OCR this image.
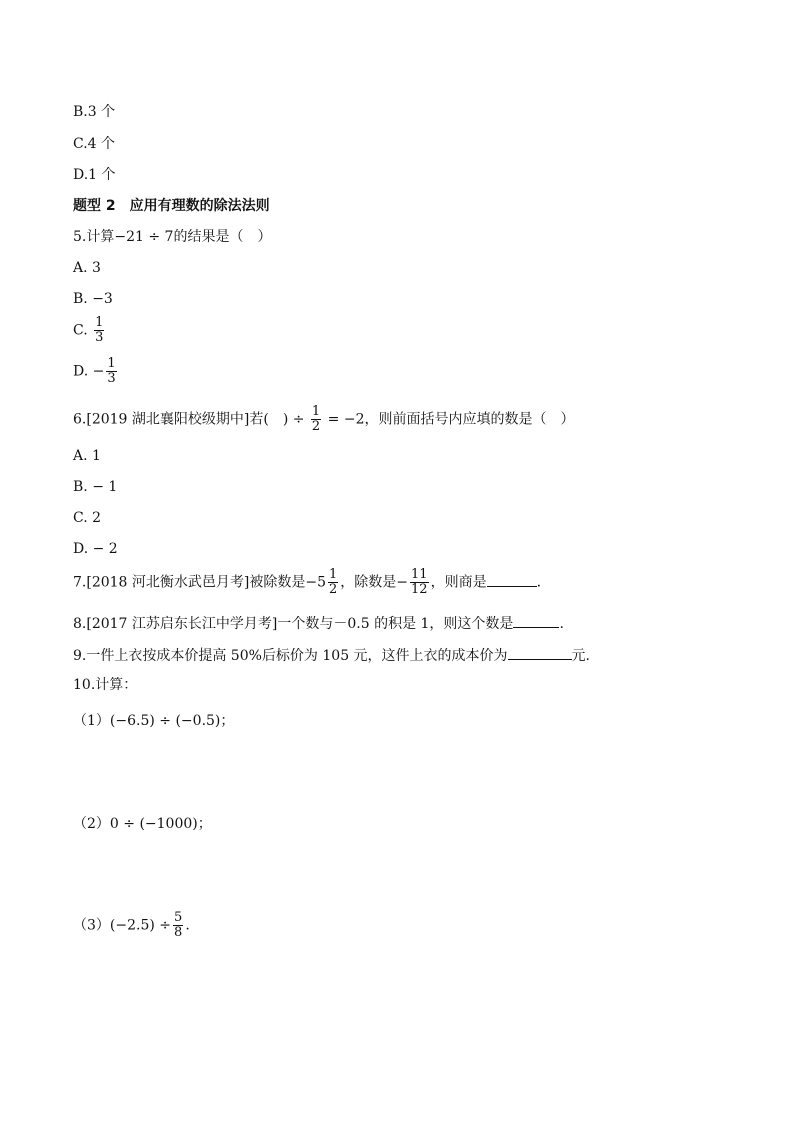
B.3 个
C.4 个
D.1 个
题型 2　应用有理数的除法法则
5.计算−21 ÷ 7的结果是（　）
A. 3
B. −3
C. $\frac{1}{3}$
D. − $\frac{1}{3}$
6.[2019 湖北襄阳校级期中]若(　) ÷ $\frac{1}{2} = -2$，则前面括号内应填的数是（　）
A. 1
B. − 1
C. 2
D. − 2
7.[2018 河北衡水武邑月考]被除数是$-5 \frac{1}{2}$ ，除数是− $\frac{11}{12}$ ，则商是	.
8.[2017 江苏启东长江中学月考]一个数与－0.5 的积是 1，则这个数是	.
9.一件上衣按成本价提高 50%后标价为 105 元，这件上衣的成本价为	元.
10.计算：
（1）(−6.5) ÷ (−0.5)；
（2）0 ÷ (−1000)；
$(3)(-2.5) \div \frac{5}{8}$ .
